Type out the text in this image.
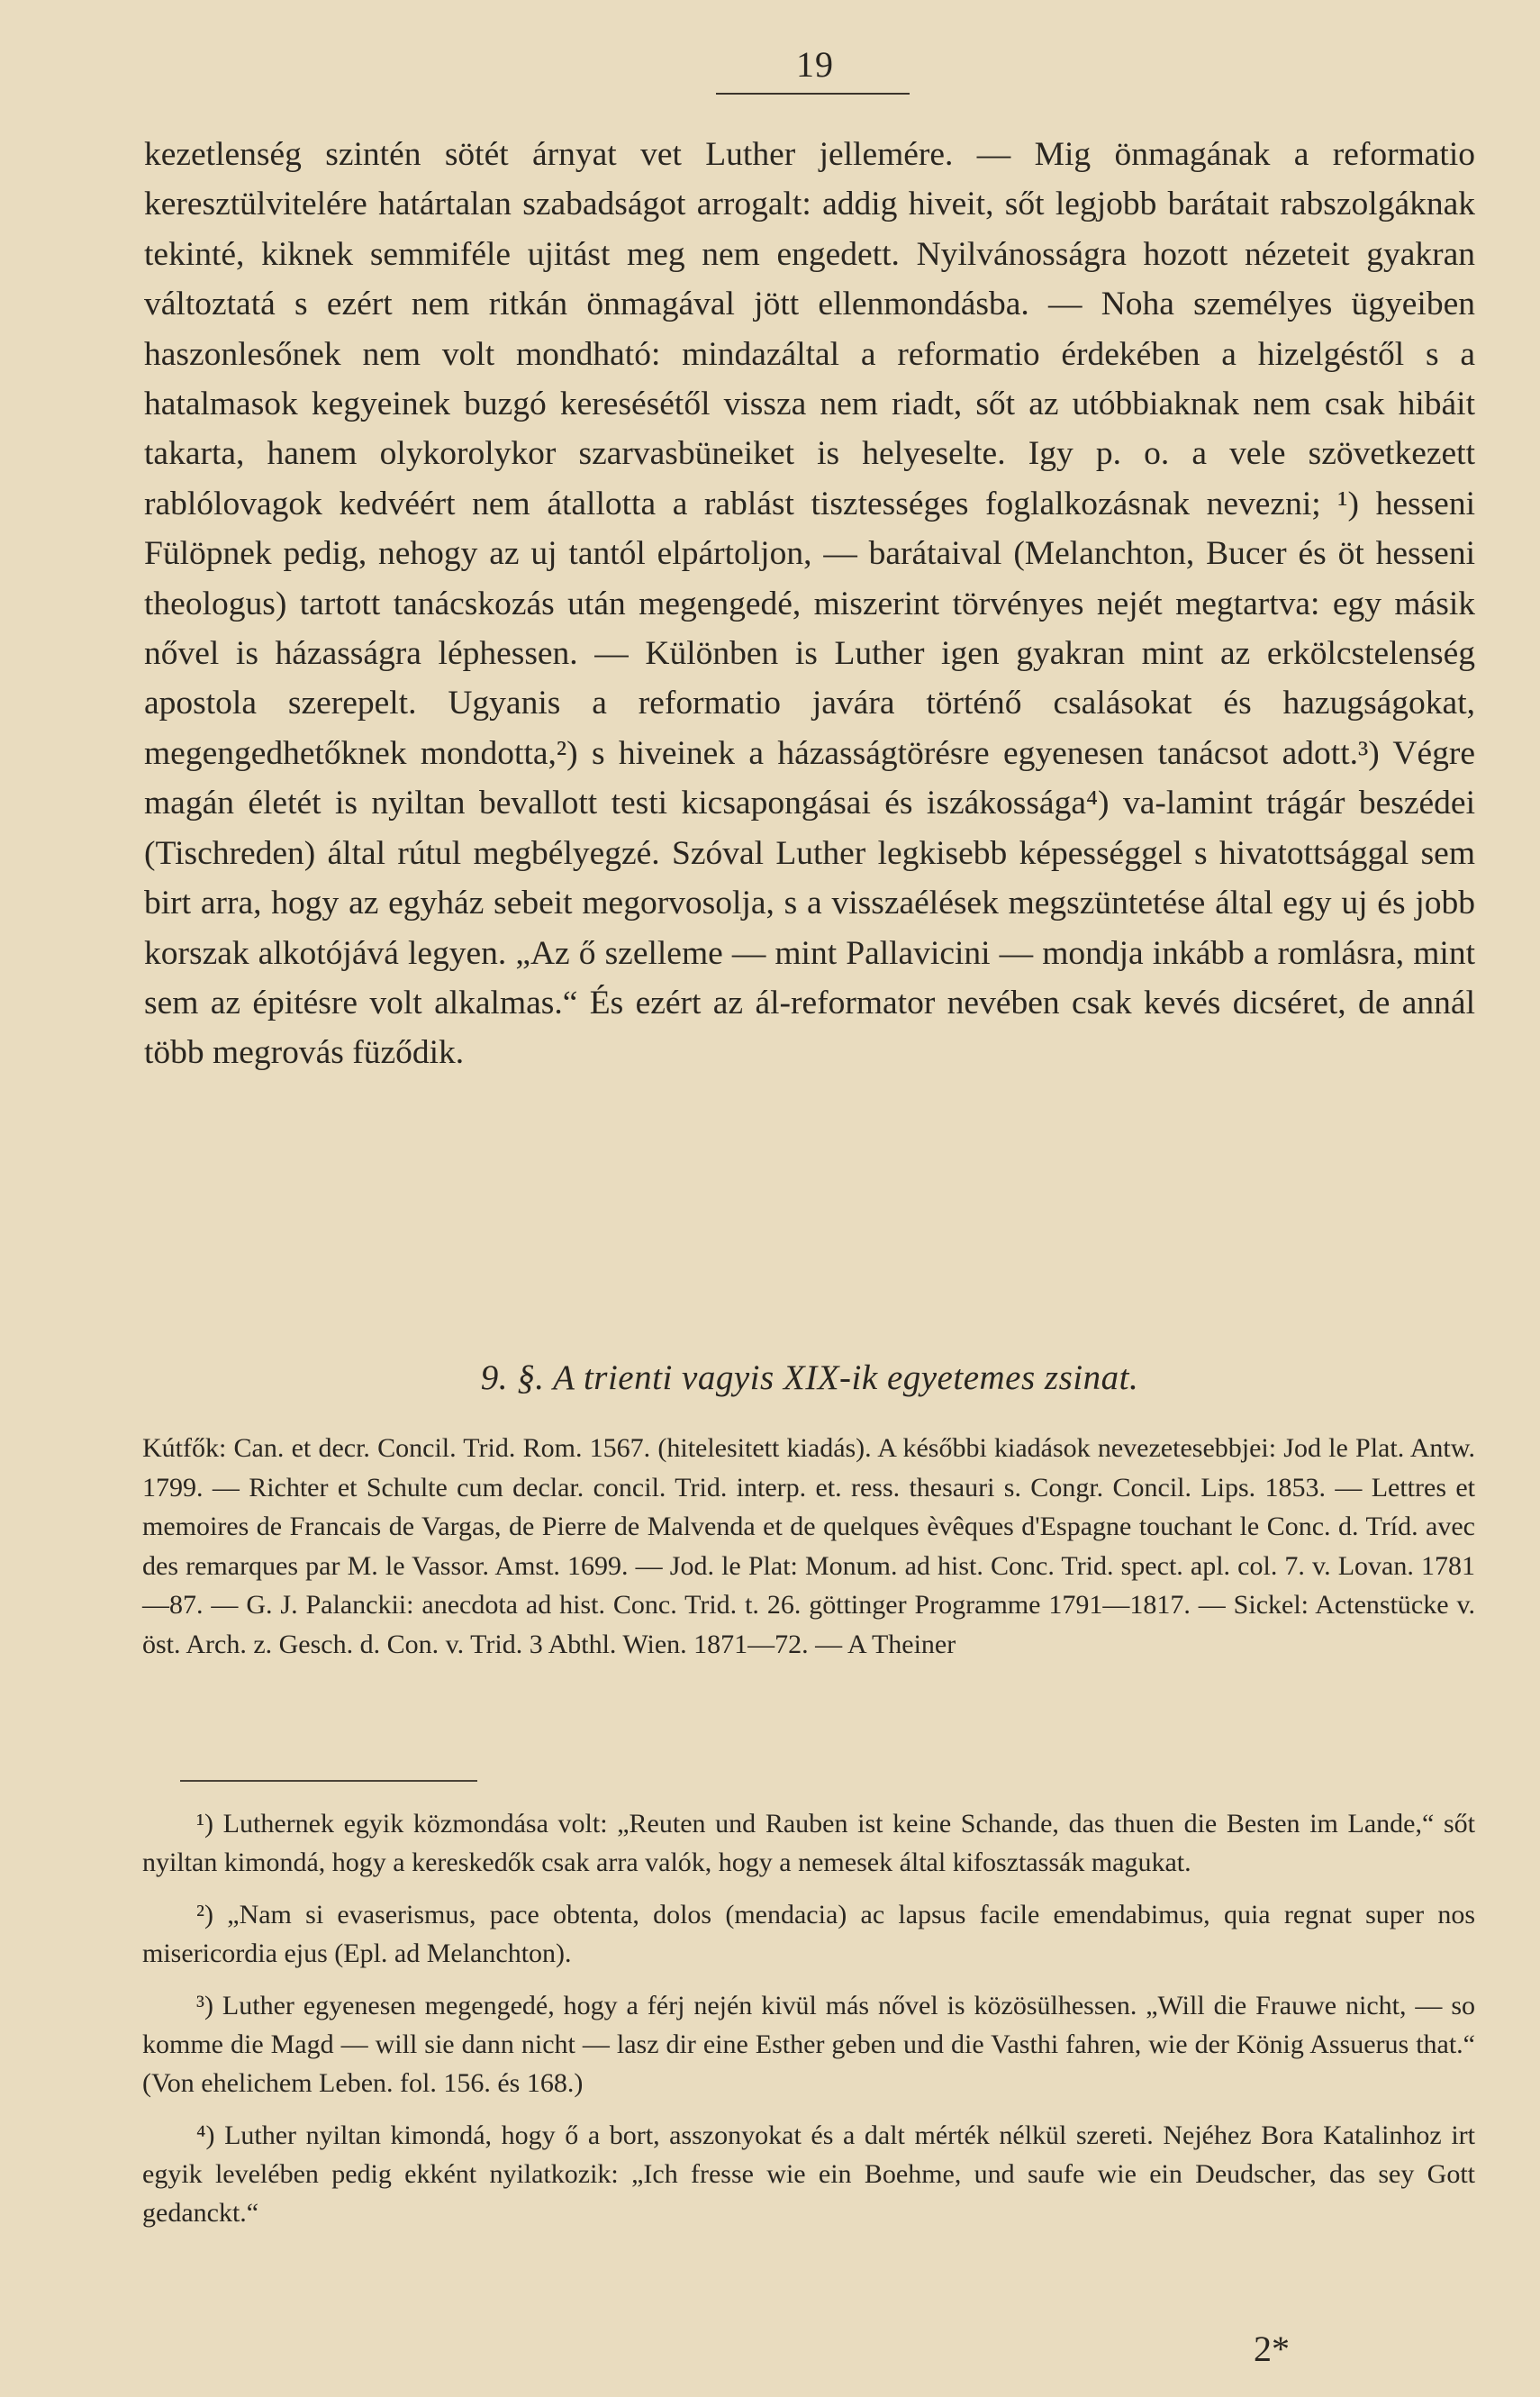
19

kezetlenség szintén sötét árnyat vet Luther jellemére. — Mig önmagának a reformatio keresztülvitelére határtalan szabadságot arrogalt: addig hiveit, sőt legjobb barátait rabszolgáknak tekinté, kiknek semmiféle ujitást meg nem engedett. Nyilvánosságra hozott nézeteit gyakran változtatá s ezért nem ritkán önmagával jött ellenmondásba. — Noha személyes ügyeiben haszonlesőnek nem volt mondható: mindazáltal a reformatio érdekében a hizelgéstől s a hatalmasok kegyeinek buzgó keresésétől vissza nem riadt, sőt az utóbbiaknak nem csak hibáit takarta, hanem olykorolykor szarvasbüneiket is helyeselte. Igy p. o. a vele szövetkezett rablólovagok kedvéért nem átallotta a rablást tisztességes foglalkozásnak nevezni; ¹) hesseni Fülöpnek pedig, nehogy az uj tantól elpártoljon, — barátaival (Melanchton, Bucer és öt hesseni theologus) tartott tanácskozás után megengedé, miszerint törvényes nejét megtartva: egy másik nővel is házasságra léphessen. — Különben is Luther igen gyakran mint az erkölcstelenség apostola szerepelt. Ugyanis a reformatio javára történő csalásokat és hazugságokat, megengedhetőknek mondotta,²) s hiveinek a házasságtörésre egyenesen tanácsot adott.³) Végre magán életét is nyiltan bevallott testi kicsapongásai és iszákossága⁴) va-lamint trágár beszédei (Tischreden) által rútul megbélyegzé. Szóval Luther legkisebb képességgel s hivatottsággal sem birt arra, hogy az egyház sebeit megorvosolja, s a visszaélések megszüntetése által egy uj és jobb korszak alkotójává legyen. „Az ő szelleme — mint Pallavicini — mondja inkább a romlásra, mint sem az épitésre volt alkalmas.“ És ezért az ál-reformator nevében csak kevés dicséret, de annál több megrovás füződik.

9. §. A trienti vagyis XIX-ik egyetemes zsinat.

Kútfők: Can. et decr. Concil. Trid. Rom. 1567. (hitelesitett kiadás). A későbbi kiadások nevezetesebbjei: Jod le Plat. Antw. 1799. — Richter et Schulte cum declar. concil. Trid. interp. et. ress. thesauri s. Congr. Concil. Lips. 1853. — Lettres et memoires de Francais de Vargas, de Pierre de Malvenda et de quelques èvêques d'Espagne touchant le Conc. d. Tríd. avec des remarques par M. le Vassor. Amst. 1699. — Jod. le Plat: Monum. ad hist. Conc. Trid. spect. apl. col. 7. v. Lovan. 1781—87. — G. J. Palanckii: anecdota ad hist. Conc. Trid. t. 26. göttinger Programme 1791—1817. — Sickel: Actenstücke v. öst. Arch. z. Gesch. d. Con. v. Trid. 3 Abthl. Wien. 1871—72. — A Theiner

¹) Luthernek egyik közmondása volt: „Reuten und Rauben ist keine Schande, das thuen die Besten im Lande,“ sőt nyiltan kimondá, hogy a kereskedők csak arra valók, hogy a nemesek által kifosztassák magukat.

²) „Nam si evaserismus, pace obtenta, dolos (mendacia) ac lapsus facile emendabimus, quia regnat super nos misericordia ejus (Epl. ad Melanchton).

³) Luther egyenesen megengedé, hogy a férj nején kivül más nővel is közösülhessen. „Will die Frauwe nicht, — so komme die Magd — will sie dann nicht — lasz dir eine Esther geben und die Vasthi fahren, wie der König Assuerus that.“ (Von ehelichem Leben. fol. 156. és 168.)

⁴) Luther nyiltan kimondá, hogy ő a bort, asszonyokat és a dalt mérték nélkül szereti. Nejéhez Bora Katalinhoz irt egyik levelében pedig ekként nyilatkozik: „Ich fresse wie ein Boehme, und saufe wie ein Deudscher, das sey Gott gedanckt.“

2*
